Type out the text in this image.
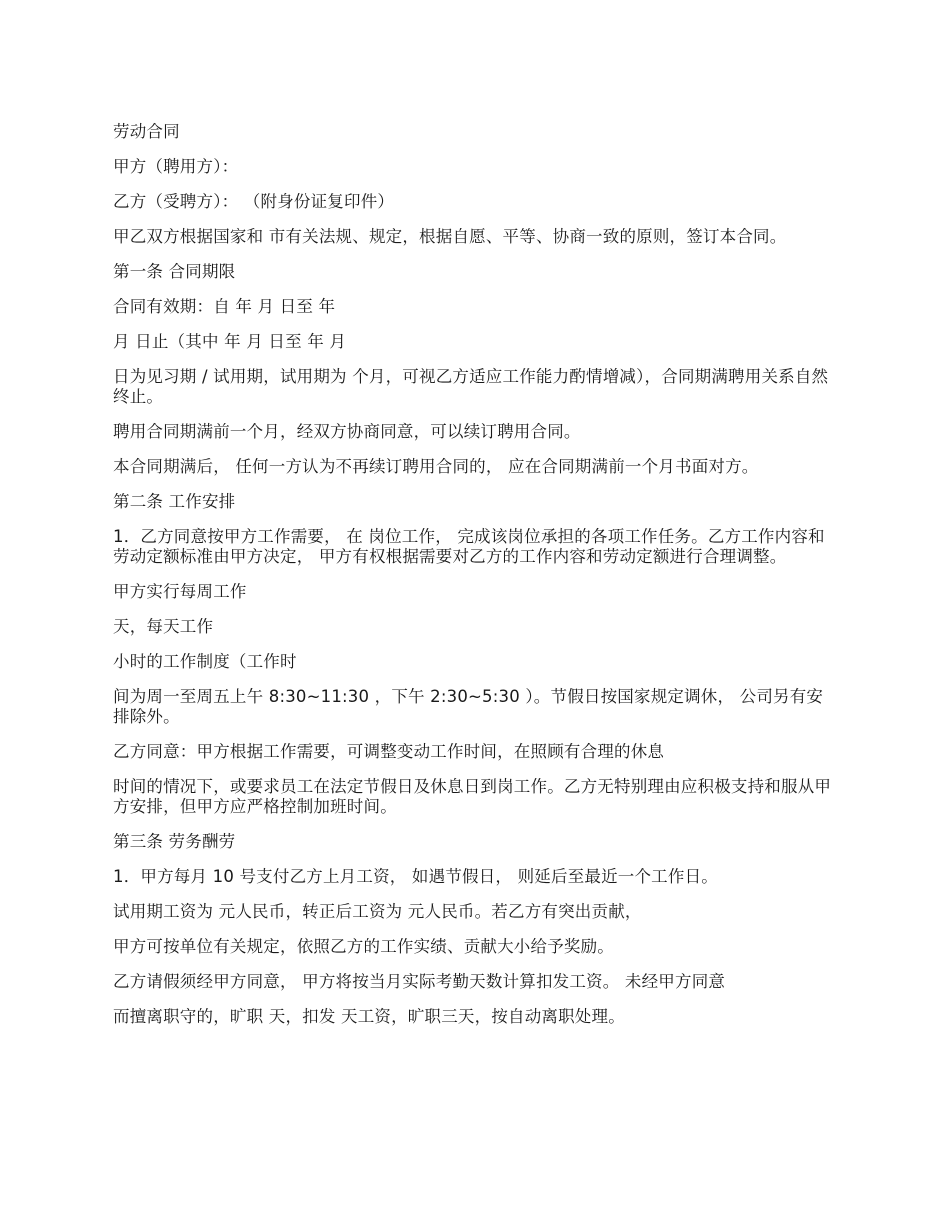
劳动合同

甲方（聘用方）：

乙方（受聘方）： （附身份证复印件）

甲乙双方根据国家和 市有关法规、规定，根据自愿、平等、协商一致的原则，签订本合同。

第一条 合同期限

合同有效期：自 年 月 日至 年

月 日止（其中 年 月 日至 年 月

日为见习期 / 试用期，试用期为 个月，可视乙方适应工作能力酌情增减），合同期满聘用关系自然终止。

聘用合同期满前一个月，经双方协商同意，可以续订聘用合同。

本合同期满后， 任何一方认为不再续订聘用合同的， 应在合同期满前一个月书面对方。

第二条 工作安排

1．乙方同意按甲方工作需要， 在 岗位工作， 完成该岗位承担的各项工作任务。乙方工作内容和劳动定额标准由甲方决定， 甲方有权根据需要对乙方的工作内容和劳动定额进行合理调整。

甲方实行每周工作

天，每天工作

小时的工作制度（工作时

间为周一至周五上午 8:30~11:30 ，下午 2:30~5:30 ）。节假日按国家规定调休， 公司另有安排除外。

乙方同意：甲方根据工作需要，可调整变动工作时间，在照顾有合理的休息

时间的情况下，或要求员工在法定节假日及休息日到岗工作。乙方无特别理由应积极支持和服从甲方安排，但甲方应严格控制加班时间。

第三条 劳务酬劳

1．甲方每月 10 号支付乙方上月工资， 如遇节假日， 则延后至最近一个工作日。

试用期工资为 元人民币，转正后工资为 元人民币。若乙方有突出贡献，

甲方可按单位有关规定，依照乙方的工作实绩、贡献大小给予奖励。

乙方请假须经甲方同意， 甲方将按当月实际考勤天数计算扣发工资。 未经甲方同意

而擅离职守的，旷职 天，扣发 天工资，旷职三天，按自动离职处理。
